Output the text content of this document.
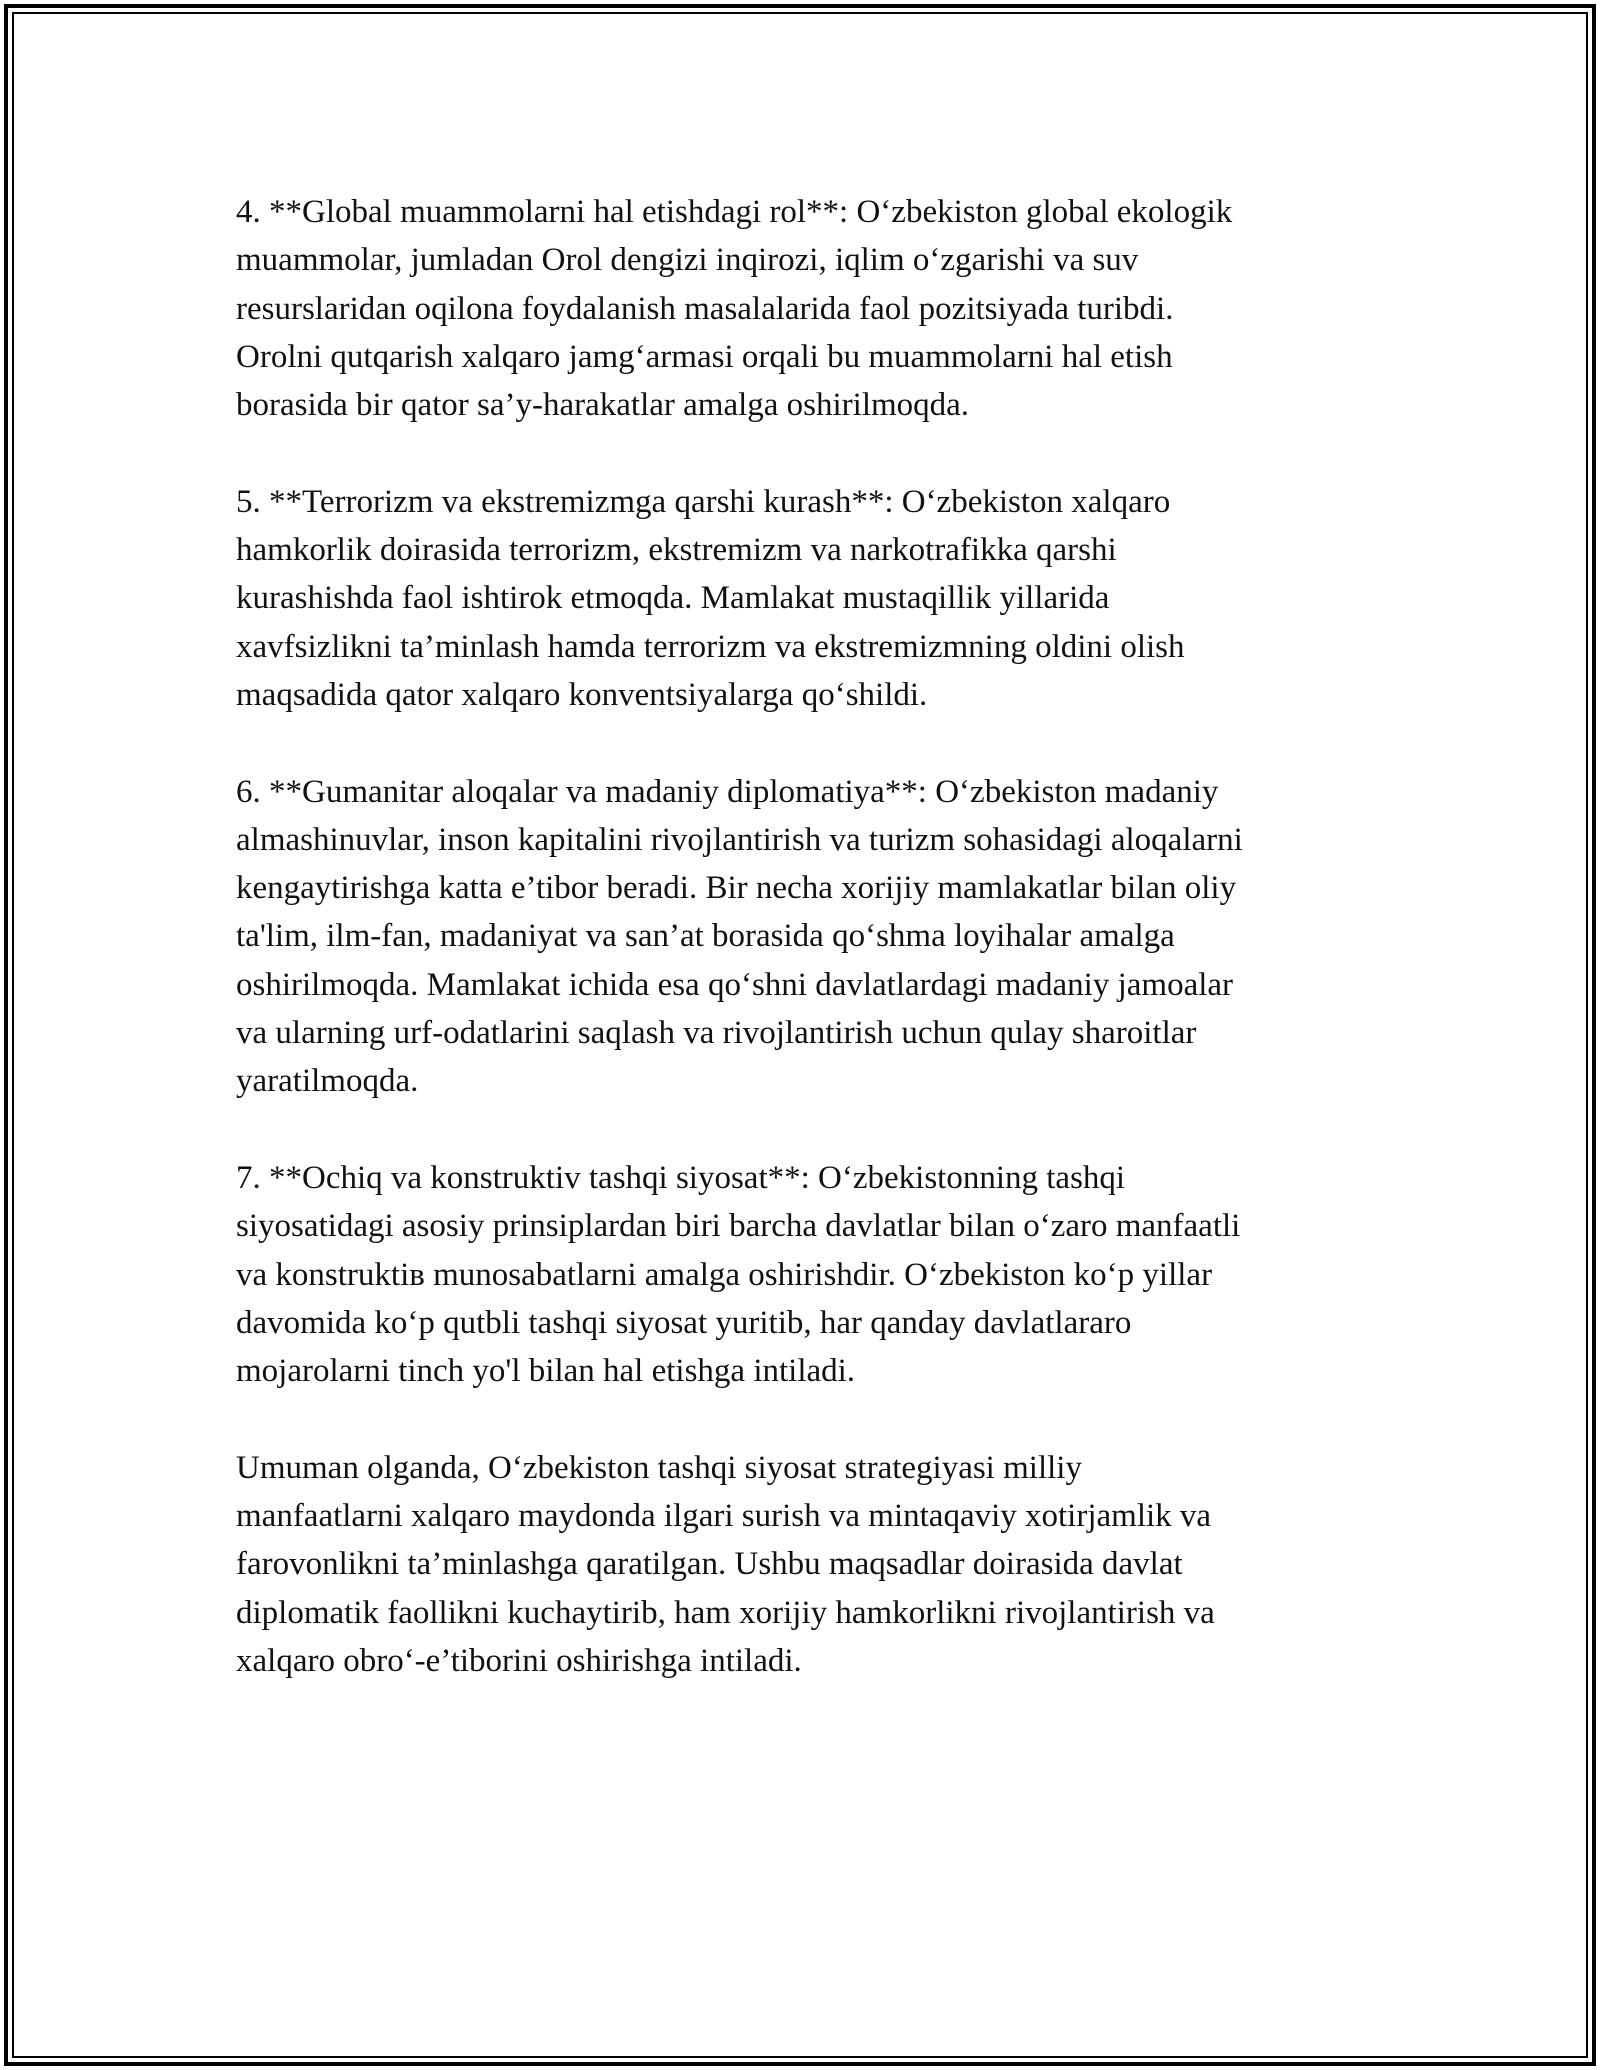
4. **Global muammolarni hal etishdagi rol**: O‘zbekiston global ekologik
muammolar, jumladan Orol dengizi inqirozi, iqlim o‘zgarishi va suv
resurslaridan oqilona foydalanish masalalarida faol pozitsiyada turibdi.
Orolni qutqarish xalqaro jamg‘armasi orqali bu muammolarni hal etish
borasida bir qator sa’y-harakatlar amalga oshirilmoqda.

5. **Terrorizm va ekstremizmga qarshi kurash**: O‘zbekiston xalqaro
hamkorlik doirasida terrorizm, ekstremizm va narkotrafikka qarshi
kurashishda faol ishtirok etmoqda. Mamlakat mustaqillik yillarida
xavfsizlikni ta’minlash hamda terrorizm va ekstremizmning oldini olish
maqsadida qator xalqaro konventsiyalarga qo‘shildi.

6. **Gumanitar aloqalar va madaniy diplomatiya**: O‘zbekiston madaniy
almashinuvlar, inson kapitalini rivojlantirish va turizm sohasidagi aloqalarni
kengaytirishga katta e’tibor beradi. Bir necha xorijiy mamlakatlar bilan oliy
ta'lim, ilm-fan, madaniyat va san’at borasida qo‘shma loyihalar amalga
oshirilmoqda. Mamlakat ichida esa qo‘shni davlatlardagi madaniy jamoalar
va ularning urf-odatlarini saqlash va rivojlantirish uchun qulay sharoitlar
yaratilmoqda.

7. **Ochiq va konstruktiv tashqi siyosat**: O‘zbekistonning tashqi
siyosatidagi asosiy prinsiplardan biri barcha davlatlar bilan o‘zaro manfaatli
va konstruktiв munosabatlarni amalga oshirishdir. O‘zbekiston ko‘p yillar
davomida ko‘p qutbli tashqi siyosat yuritib, har qanday davlatlararo
mojarolarni tinch yo'l bilan hal etishga intiladi.

Umuman olganda, O‘zbekiston tashqi siyosat strategiyasi milliy
manfaatlarni xalqaro maydonda ilgari surish va mintaqaviy xotirjamlik va
farovonlikni ta’minlashga qaratilgan. Ushbu maqsadlar doirasida davlat
diplomatik faollikni kuchaytirib, ham xorijiy hamkorlikni rivojlantirish va
xalqaro obro‘-e’tiborini oshirishga intiladi.
